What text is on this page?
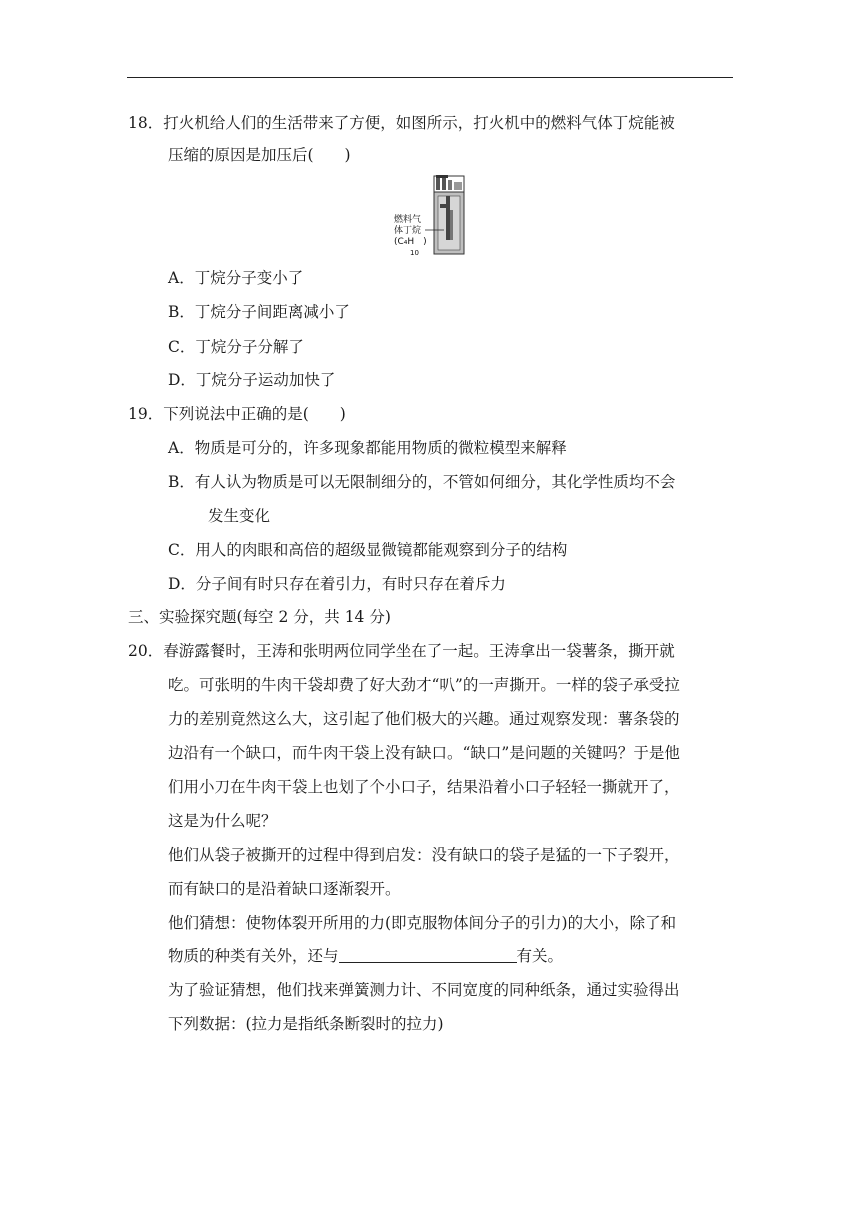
18．打火机给人们的生活带来了方便，如图所示，打火机中的燃料气体丁烷能被
压缩的原因是加压后(　　)
燃料气
体丁烷
(C₄H　)
10
A．丁烷分子变小了
B．丁烷分子间距离减小了
C．丁烷分子分解了
D．丁烷分子运动加快了
19．下列说法中正确的是(　　)
A．物质是可分的，许多现象都能用物质的微粒模型来解释
B．有人认为物质是可以无限制细分的，不管如何细分，其化学性质均不会
发生变化
C．用人的肉眼和高倍的超级显微镜都能观察到分子的结构
D．分子间有时只存在着引力，有时只存在着斥力
三、实验探究题(每空 2 分，共 14 分)
20．春游露餐时，王涛和张明两位同学坐在了一起。王涛拿出一袋薯条，撕开就
吃。可张明的牛肉干袋却费了好大劲才“叭”的一声撕开。一样的袋子承受拉
力的差别竟然这么大，这引起了他们极大的兴趣。通过观察发现：薯条袋的
边沿有一个缺口，而牛肉干袋上没有缺口。“缺口”是问题的关键吗？于是他
们用小刀在牛肉干袋上也划了个小口子，结果沿着小口子轻轻一撕就开了，
这是为什么呢？
他们从袋子被撕开的过程中得到启发：没有缺口的袋子是猛的一下子裂开，
而有缺口的是沿着缺口逐渐裂开。
他们猜想：使物体裂开所用的力(即克服物体间分子的引力)的大小，除了和
物质的种类有关外，还与	有关。
为了验证猜想，他们找来弹簧测力计、不同宽度的同种纸条，通过实验得出
下列数据：(拉力是指纸条断裂时的拉力)
